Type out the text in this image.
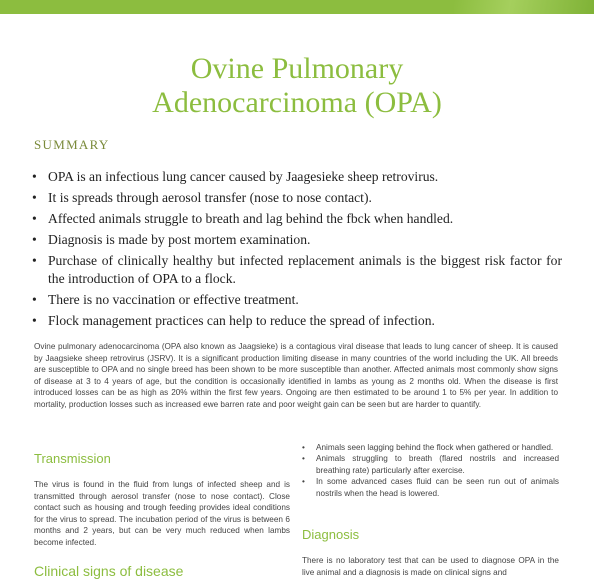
Ovine Pulmonary
Adenocarcinoma (OPA)
SUMMARY
• OPA is an infectious lung cancer caused by Jaagesieke sheep retrovirus.
• It is spreads through aerosol transfer (nose to nose contact).
• Affected animals struggle to breath and lag behind the fbck when handled.
• Diagnosis is made by post mortem examination.
• Purchase of clinically healthy but infected replacement animals is the biggest risk factor for the introduction of OPA to a flock.
• There is no vaccination or effective treatment.
• Flock management practices can help to reduce the spread of infection.

Ovine pulmonary adenocarcinoma (OPA also known as Jaagsieke) is a contagious viral disease that leads to lung cancer of sheep. It is caused by Jaagsieke sheep retrovirus (JSRV). It is a significant production limiting disease in many countries of the world including the UK. All breeds are susceptible to OPA and no single breed has been shown to be more susceptible than another. Affected animals most commonly show signs of disease at 3 to 4 years of age, but the condition is occasionally identified in lambs as young as 2 months old. When the disease is first introduced losses can be as high as 20% within the first few years. Ongoing are then estimated to be around 1 to 5% per year. In addition to mortality, production losses such as increased ewe barren rate and poor weight gain can be seen but are harder to quantify.

Transmission

The virus is found in the fluid from lungs of infected sheep and is transmitted through aerosol transfer (nose to nose contact). Close contact such as housing and trough feeding provides ideal conditions for the virus to spread. The incubation period of the virus is between 6 months and 2 years, but can be very much reduced when lambs become infected.

Clinical signs of disease
• Animals seen lagging behind the flock when gathered or handled.
• Animals struggling to breath (flared nostrils and increased breathing rate) particularly after exercise.
• In some advanced cases fluid can be seen run out of animals nostrils when the head is lowered.
Diagnosis

There is no laboratory test that can be used to diagnose OPA in the live animal and a diagnosis is made on clinical signs and
